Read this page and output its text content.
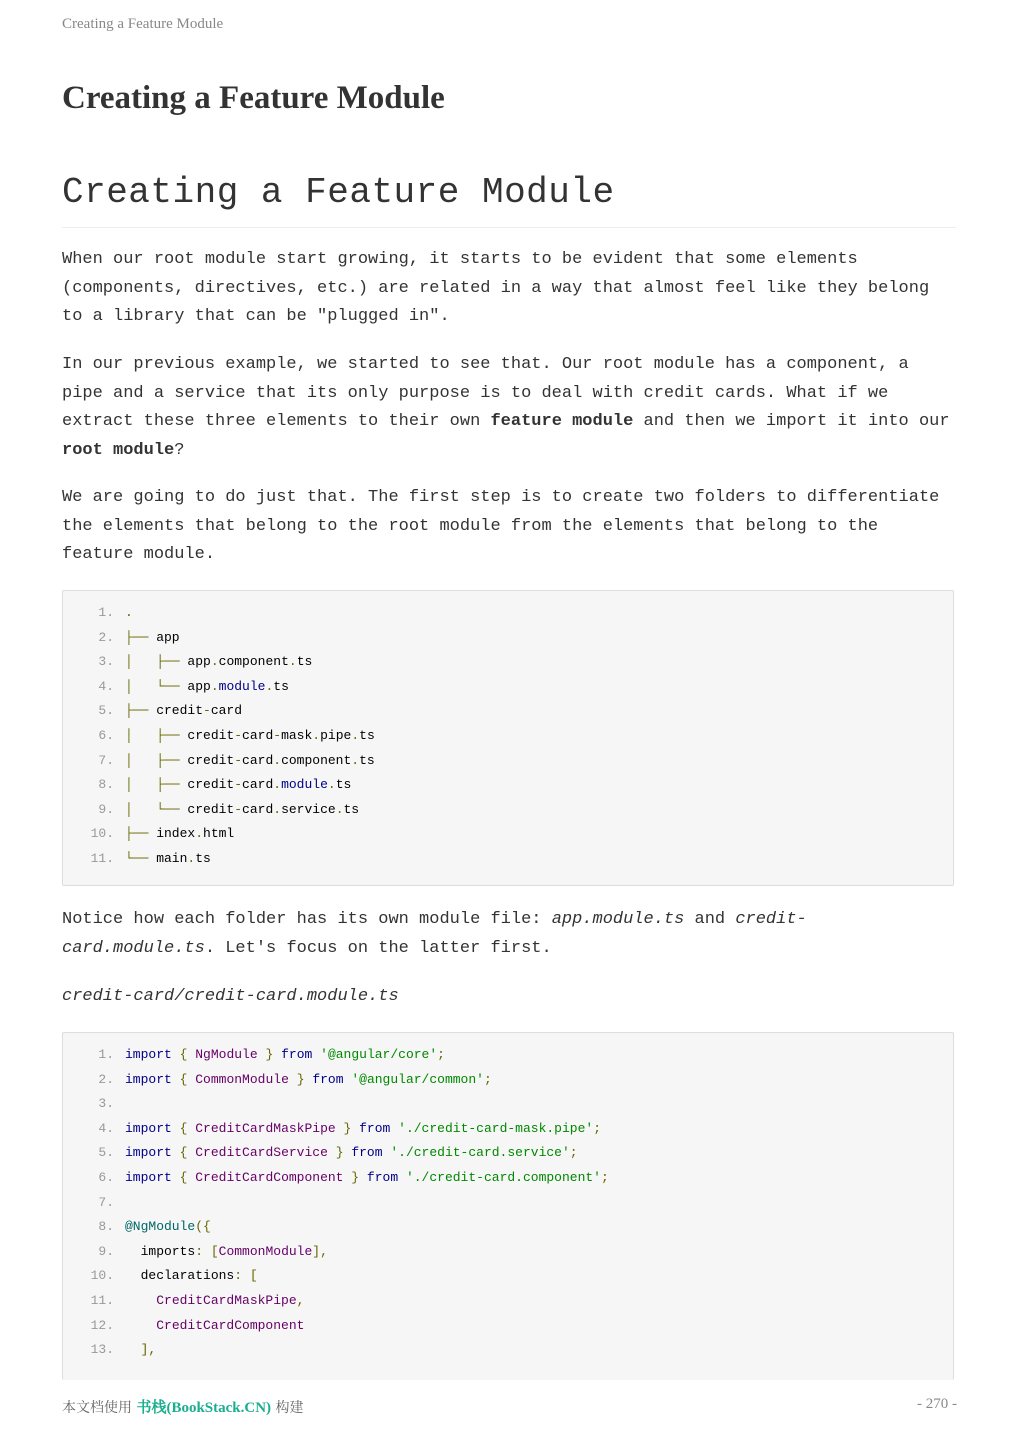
Creating a Feature Module
Creating a Feature Module
Creating a Feature Module

When our root module start growing, it starts to be evident that some elements (components, directives, etc.) are related in a way that almost feel like they belong to a library that can be "plugged in".

In our previous example, we started to see that. Our root module has a component, a pipe and a service that its only purpose is to deal with credit cards. What if we extract these three elements to their own feature module and then we import it into our root module?

We are going to do just that. The first step is to create two folders to differentiate the elements that belong to the root module from the elements that belong to the feature module.

1. .
2. ├── app
3. │ ├── app.component.ts
4. │ └── app.module.ts
5. ├── credit-card
6. │ ├── credit-card-mask.pipe.ts
7. │ ├── credit-card.component.ts
8. │ ├── credit-card.module.ts
9. │ └── credit-card.service.ts
10. ├── index.html
11. └── main.ts

Notice how each folder has its own module file: app.module.ts and credit-card.module.ts. Let's focus on the latter first.

credit-card/credit-card.module.ts

1. import { NgModule } from '@angular/core';
2. import { CommonModule } from '@angular/common';
3.
4. import { CreditCardMaskPipe } from './credit-card-mask.pipe';
5. import { CreditCardService } from './credit-card.service';
6. import { CreditCardComponent } from './credit-card.component';
7.
8. @NgModule({
9.  imports: [CommonModule],
10.  declarations: [
11.	CreditCardMaskPipe,
12.	CreditCardComponent
13. ],
本文档使用 书栈(BookStack.CN) 构建	- 270 -
